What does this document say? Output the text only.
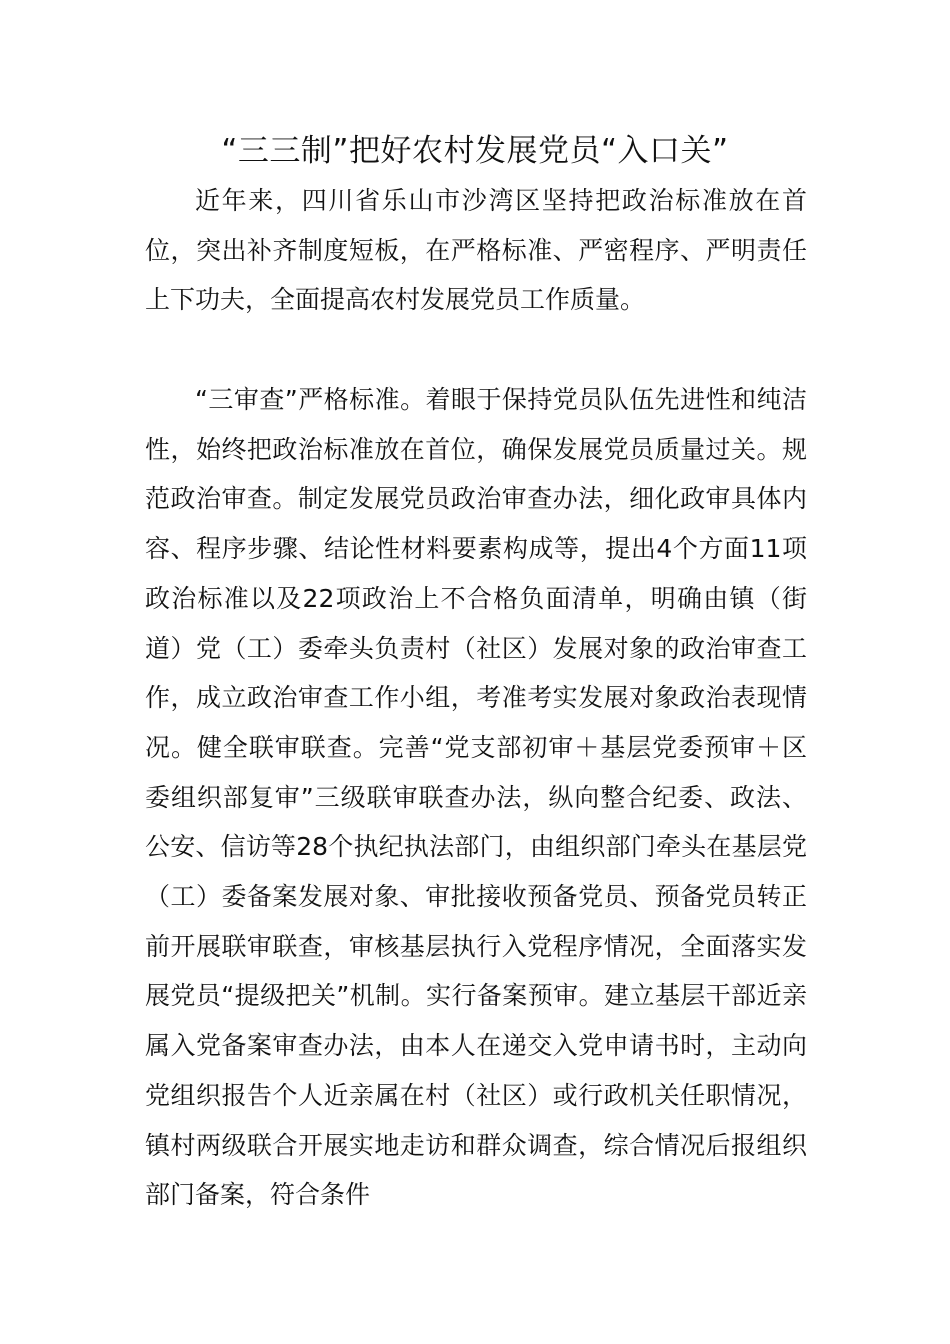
“三三制”把好农村发展党员“入口关”

近年来，四川省乐山市沙湾区坚持把政治标准放在首位，突出补齐制度短板，在严格标准、严密程序、严明责任上下功夫，全面提高农村发展党员工作质量。

“三审查”严格标准。着眼于保持党员队伍先进性和纯洁性，始终把政治标准放在首位，确保发展党员质量过关。规范政治审查。制定发展党员政治审查办法，细化政审具体内容、程序步骤、结论性材料要素构成等，提出4个方面11项政治标准以及22项政治上不合格负面清单，明确由镇（街道）党（工）委牵头负责村（社区）发展对象的政治审查工作，成立政治审查工作小组，考准考实发展对象政治表现情况。健全联审联查。完善“党支部初审＋基层党委预审＋区委组织部复审”三级联审联查办法，纵向整合纪委、政法、公安、信访等28个执纪执法部门，由组织部门牵头在基层党（工）委备案发展对象、审批接收预备党员、预备党员转正前开展联审联查，审核基层执行入党程序情况，全面落实发展党员“提级把关”机制。实行备案预审。建立基层干部近亲属入党备案审查办法，由本人在递交入党申请书时，主动向党组织报告个人近亲属在村（社区）或行政机关任职情况，镇村两级联合开展实地走访和群众调查，综合情况后报组织部门备案，符合条件
